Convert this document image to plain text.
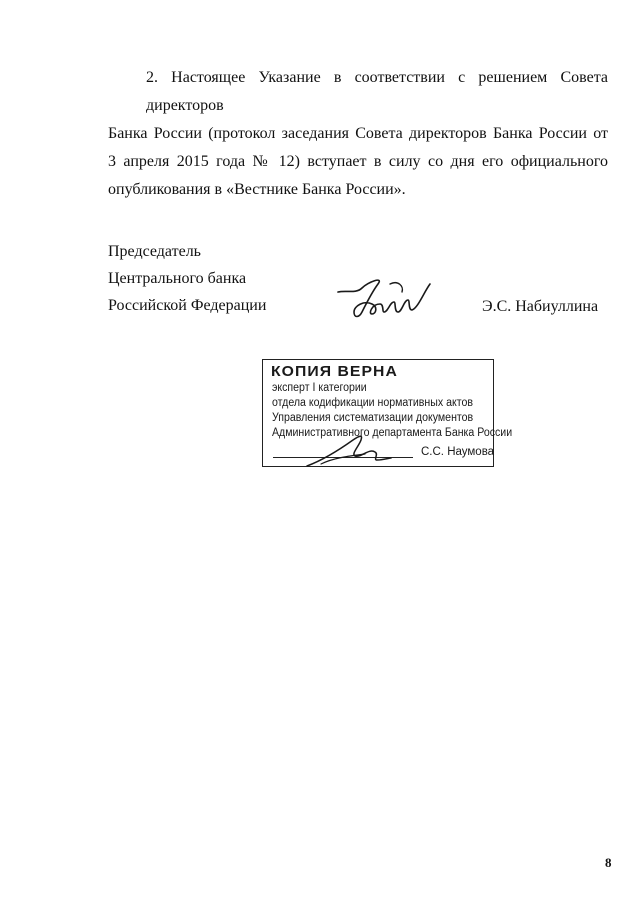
2. Настоящее Указание в соответствии с решением Совета директоров
Банка России (протокол заседания Совета директоров Банка России от
3 апреля 2015 года № 12) вступает в силу со дня его официального
опубликования в «Вестнике Банка России».
Председатель
Центрального банка
Российской Федерации	Э.С. Набиуллина
КОПИЯ ВЕРНА
эксперт I категории
отдела кодификации нормативных актов
Управления систематизации документов
Административного департамента Банка России
С.С. Наумова
8
